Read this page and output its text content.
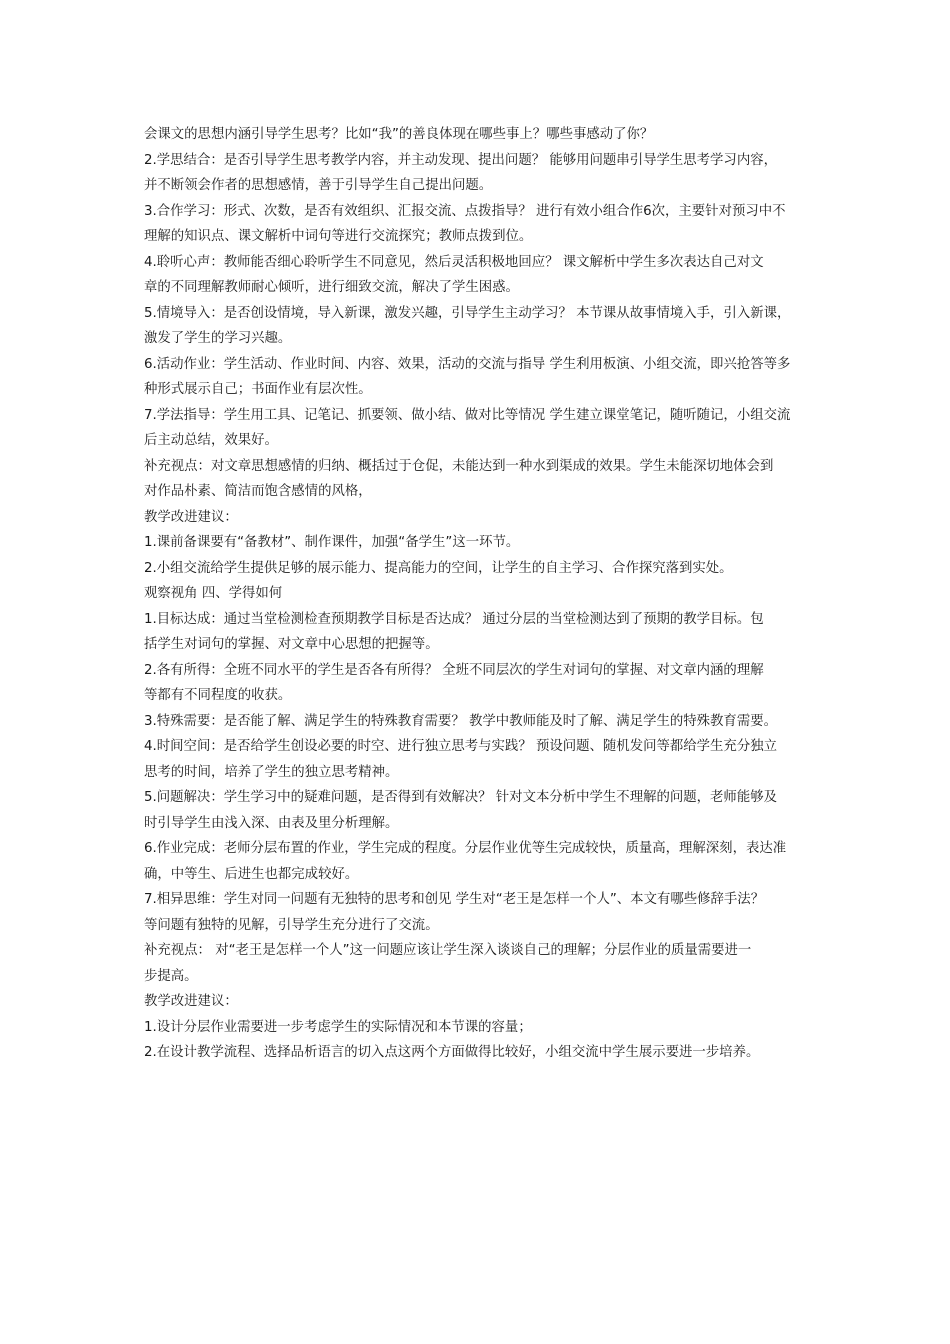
会课文的思想内涵引导学生思考？比如“我”的善良体现在哪些事上？哪些事感动了你？
2.学思结合：是否引导学生思考教学内容，并主动发现、提出问题？ 能够用问题串引导学生思考学习内容，
并不断领会作者的思想感情，善于引导学生自己提出问题。
3.合作学习：形式、次数，是否有效组织、汇报交流、点拨指导？ 进行有效小组合作6次，主要针对预习中不
理解的知识点、课文解析中词句等进行交流探究；教师点拨到位。
4.聆听心声：教师能否细心聆听学生不同意见，然后灵活积极地回应？ 课文解析中学生多次表达自己对文
章的不同理解教师耐心倾听，进行细致交流，解决了学生困惑。
5.情境导入：是否创设情境，导入新课，激发兴趣，引导学生主动学习？ 本节课从故事情境入手，引入新课，
激发了学生的学习兴趣。
6.活动作业：学生活动、作业时间、内容、效果，活动的交流与指导 学生利用板演、小组交流，即兴抢答等多
种形式展示自己；书面作业有层次性。
7.学法指导：学生用工具、记笔记、抓要领、做小结、做对比等情况 学生建立课堂笔记，随听随记，小组交流
后主动总结，效果好。
补充视点：对文章思想感情的归纳、概括过于仓促，未能达到一种水到渠成的效果。学生未能深切地体会到
对作品朴素、简洁而饱含感情的风格，
教学改进建议：
1.课前备课要有“备教材”、制作课件，加强“备学生”这一环节。
2.小组交流给学生提供足够的展示能力、提高能力的空间，让学生的自主学习、合作探究落到实处。
观察视角 四、学得如何
1.目标达成：通过当堂检测检查预期教学目标是否达成？ 通过分层的当堂检测达到了预期的教学目标。包
括学生对词句的掌握、对文章中心思想的把握等。
2.各有所得：全班不同水平的学生是否各有所得？ 全班不同层次的学生对词句的掌握、对文章内涵的理解
等都有不同程度的收获。
3.特殊需要：是否能了解、满足学生的特殊教育需要？ 教学中教师能及时了解、满足学生的特殊教育需要。
4.时间空间：是否给学生创设必要的时空、进行独立思考与实践？ 预设问题、随机发问等都给学生充分独立
思考的时间，培养了学生的独立思考精神。
5.问题解决：学生学习中的疑难问题，是否得到有效解决？ 针对文本分析中学生不理解的问题，老师能够及
时引导学生由浅入深、由表及里分析理解。
6.作业完成：老师分层布置的作业，学生完成的程度。分层作业优等生完成较快，质量高，理解深刻，表达准
确，中等生、后进生也都完成较好。
7.相异思维：学生对同一问题有无独特的思考和创见 学生对“老王是怎样一个人”、本文有哪些修辞手法？
等问题有独特的见解，引导学生充分进行了交流。
补充视点： 对“老王是怎样一个人”这一问题应该让学生深入谈谈自己的理解；分层作业的质量需要进一
步提高。
教学改进建议：
1.设计分层作业需要进一步考虑学生的实际情况和本节课的容量；
2.在设计教学流程、选择品析语言的切入点这两个方面做得比较好，小组交流中学生展示要进一步培养。
